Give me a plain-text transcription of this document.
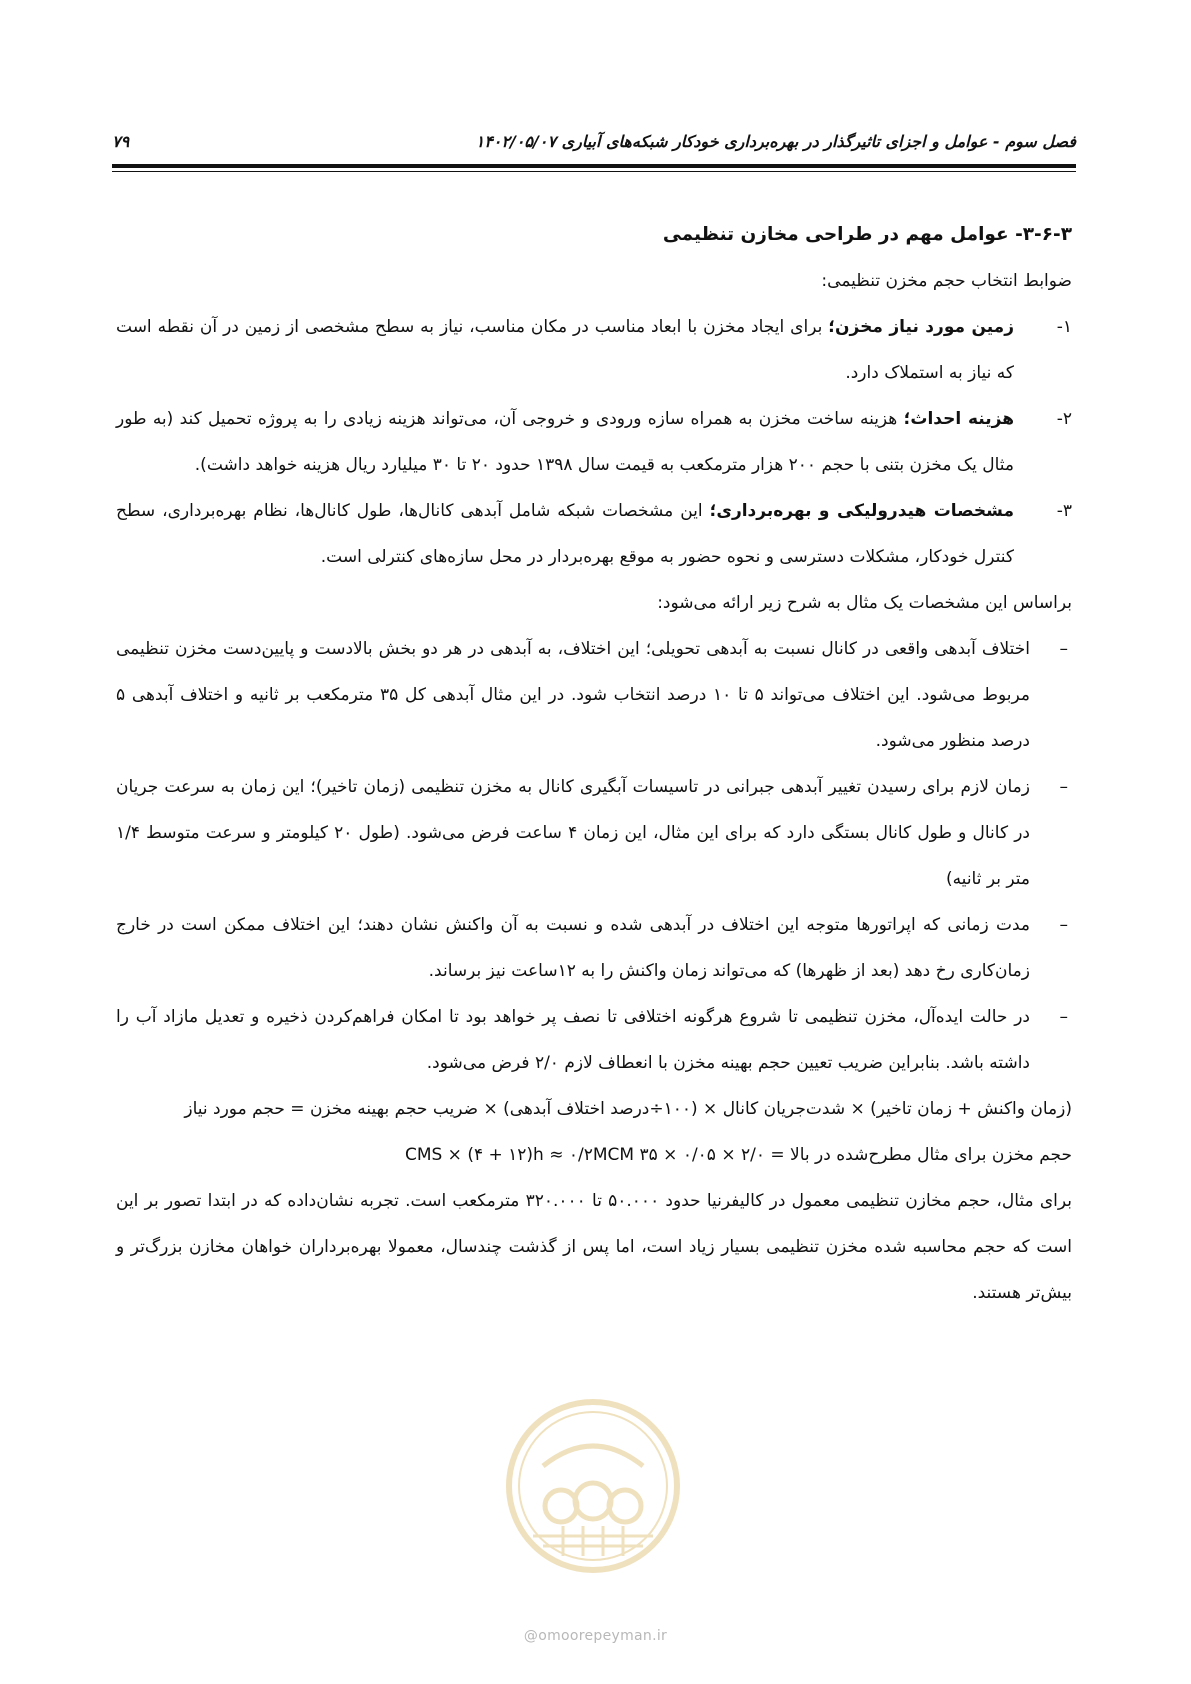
فصل سوم - عوامل و اجزای تاثیرگذار در بهره‌برداری خودکار شبکه‌های آبیاری ۱۴۰۲/۰۵/۰۷
۷۹

۳-۶-۳- عوامل مهم در طراحی مخازن تنظیمی

ضوابط انتخاب حجم مخزن تنظیمی:

۱-
زمین مورد نیاز مخزن؛ برای ایجاد مخزن با ابعاد مناسب در مکان مناسب، نیاز به سطح مشخصی از زمین در آن نقطه است که نیاز به استملاک دارد.
۲-
هزینه احداث؛ هزینه ساخت مخزن به همراه سازه ورودی و خروجی آن، می‌تواند هزینه زیادی را به پروژه تحمیل کند (به طور مثال یک مخزن بتنی با حجم ۲۰۰ هزار مترمکعب به قیمت سال ۱۳۹۸ حدود ۲۰ تا ۳۰ میلیارد ریال هزینه خواهد داشت).
۳-
مشخصات هیدرولیکی و بهره‌برداری؛ این مشخصات شبکه شامل آبدهی کانال‌ها، طول کانال‌ها، نظام بهره‌برداری، سطح کنترل خودکار، مشکلات دسترسی و نحوه حضور به موقع بهره‌بردار در محل سازه‌های کنترلی است.

براساس این مشخصات یک مثال به شرح زیر ارائه می‌شود:

–
اختلاف آبدهی واقعی در کانال نسبت به آبدهی تحویلی؛ این اختلاف، به آبدهی در هر دو بخش بالادست و پایین‌دست مخزن تنظیمی مربوط می‌شود. این اختلاف می‌تواند ۵ تا ۱۰ درصد انتخاب شود. در این مثال آبدهی کل ۳۵ مترمکعب بر ثانیه و اختلاف آبدهی ۵ درصد منظور می‌شود.
–
زمان لازم برای رسیدن تغییر آبدهی جبرانی در تاسیسات آبگیری کانال به مخزن تنظیمی (زمان تاخیر)؛ این زمان به سرعت جریان در کانال و طول کانال بستگی دارد که برای این مثال، این زمان ۴ ساعت فرض می‌شود. (طول ۲۰ کیلومتر و سرعت متوسط ۱/۴ متر بر ثانیه)
–
مدت زمانی که اپراتورها متوجه این اختلاف در آبدهی شده و نسبت به آن واکنش نشان دهند؛ این اختلاف ممکن است در خارج زمان‌کاری رخ دهد (بعد از ظهرها) که می‌تواند زمان واکنش را به ۱۲ساعت نیز برساند.
–
در حالت ایده‌آل، مخزن تنظیمی تا شروع هرگونه اختلافی تا نصف پر خواهد بود تا امکان فراهم‌کردن ذخیره و تعدیل مازاد آب را داشته باشد. بنابراین ضریب تعیین حجم بهینه مخزن با انعطاف لازم ۲/۰ فرض می‌شود.

(زمان واکنش + زمان تاخیر) × شدت‌جریان کانال × (۱۰۰÷درصد اختلاف آبدهی) × ضریب حجم بهینه مخزن = حجم مورد نیاز

حجم مخزن برای مثال مطرح‌شده در بالا = ۲/۰ × ۰/۰۵ × ۳۵ CMS × (۴ + ۱۲)h ≈ ۰/۲MCM

برای مثال، حجم مخازن تنظیمی معمول در کالیفرنیا حدود ۵۰.۰۰۰ تا ۳۲۰.۰۰۰ مترمکعب است. تجربه نشان‌داده که در ابتدا تصور بر این است که حجم محاسبه شده مخزن تنظیمی بسیار زیاد است، اما پس از گذشت چندسال، معمولا بهره‌برداران خواهان مخازن بزرگ‌تر و بیش‌تر هستند.

@omoorepeyman.ir
